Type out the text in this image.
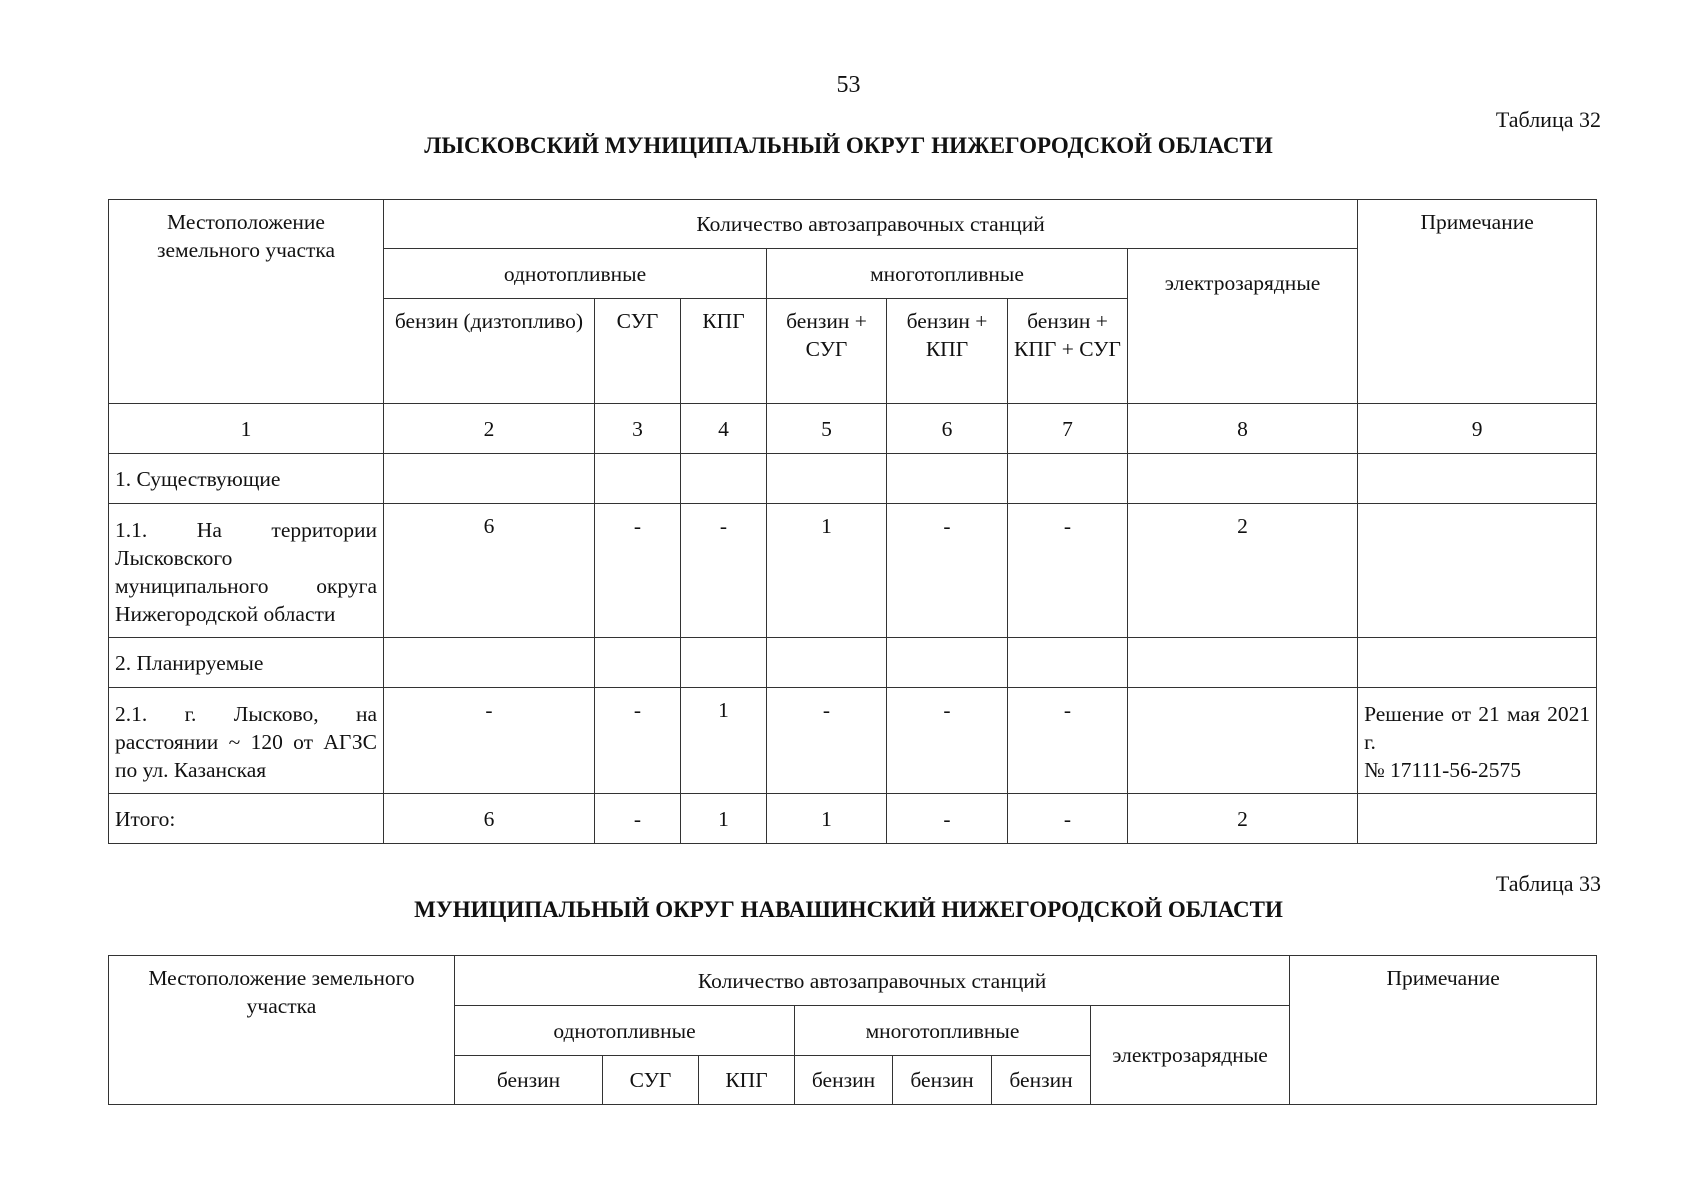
53
Таблица 32
ЛЫСКОВСКИЙ МУНИЦИПАЛЬНЫЙ ОКРУГ НИЖЕГОРОДСКОЙ ОБЛАСТИ
Местоположение земельного участка	Количество автозаправочных станций							Примечание
	однотопливные			многотопливные			электрозарядные	
	бензин (дизтопливо)	СУГ	КПГ	бензин + СУГ	бензин + КПГ	бензин + КПГ + СУГ		
1	2	3	4	5	6	7	8	9
1. Существующие								
1.1. На территории Лысковского муниципального округа Нижегородской области	6	-	-	1	-	-	2	
2. Планируемые								
2.1. г. Лысково, на расстоянии ~ 120 от АГЗС по ул. Казанская	-	-	1	-	-	-		Решение от 21 мая 2021 г.
№ 17111-56-2575

Итого:	6	-	1	1	-	-	2	
Таблица 33
МУНИЦИПАЛЬНЫЙ ОКРУГ НАВАШИНСКИЙ НИЖЕГОРОДСКОЙ ОБЛАСТИ
Местоположение земельного участка	Количество автозаправочных станций							Примечание
	однотопливные			многотопливные			электрозарядные	
	бензин	СУГ	КПГ	бензин	бензин	бензин		
